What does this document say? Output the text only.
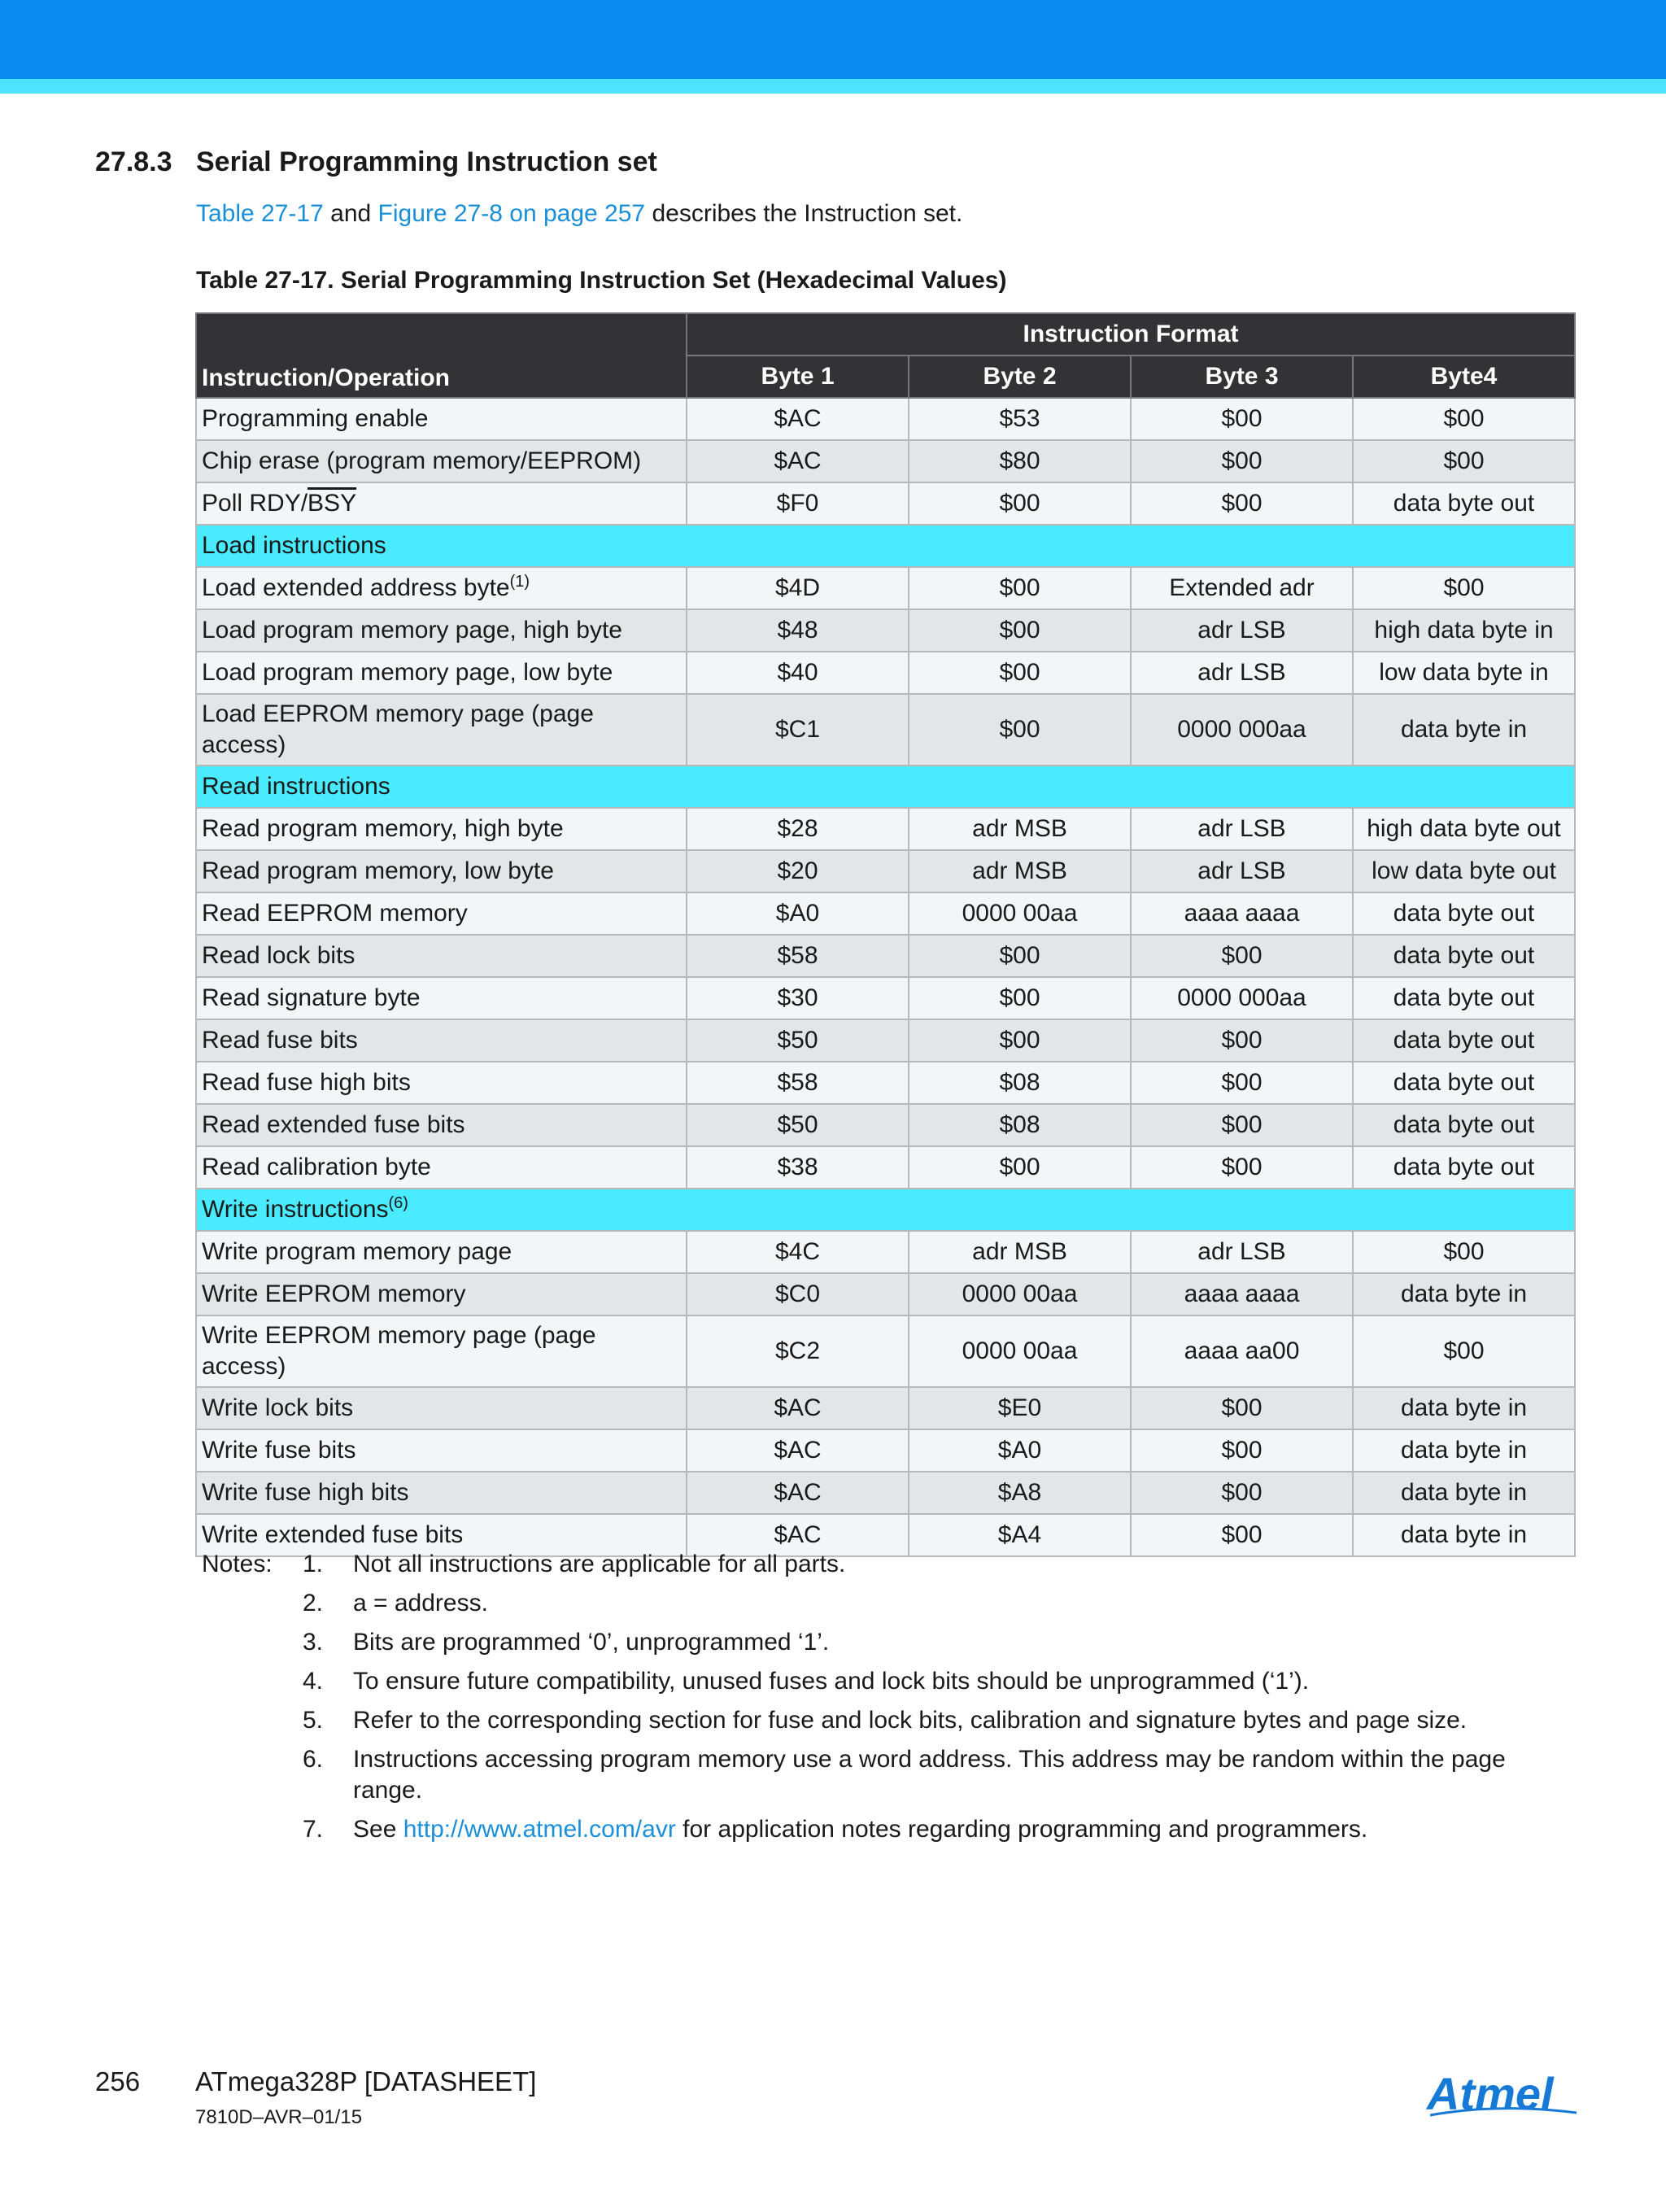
27.8.3 Serial Programming Instruction set
Table 27-17 and Figure 27-8 on page 257 describes the Instruction set.
Table 27-17. Serial Programming Instruction Set (Hexadecimal Values)
Instruction/Operation	Instruction Format			
	Byte 1	Byte 2	Byte 3	Byte4
Programming enable	$AC	$53	$00	$00
Chip erase (program memory/EEPROM)	$AC	$80	$00	$00
Poll RDY/$\overline{BSY}$	$F0	$00	$00	data byte out
Load instructions				
Load extended address byte$^{(1)}$	$4D	$00	Extended adr	$00
Load program memory page, high byte	$48	$00	adr LSB	high data byte in
Load program memory page, low byte	$40	$00	adr LSB	low data byte in
Load EEPROM memory page (page
access)	$C1	$00	0000 000aa	data byte in
Read instructions				
Read program memory, high byte	$28	adr MSB	adr LSB	high data byte out
Read program memory, low byte	$20	adr MSB	adr LSB	low data byte out
Read EEPROM memory	$A0	0000 00aa	aaaa aaaa	data byte out
Read lock bits	$58	$00	$00	data byte out
Read signature byte	$30	$00	0000 000aa	data byte out
Read fuse bits	$50	$00	$00	data byte out
Read fuse high bits	$58	$08	$00	data byte out
Read extended fuse bits	$50	$08	$00	data byte out
Read calibration byte	$38	$00	$00	data byte out
Write instructions$^{(6)}$
Write program memory page	$4C	adr MSB	adr LSB	$00
Write EEPROM memory	$C0	0000 00aa	aaaa aaaa	data byte in
Write EEPROM memory page (page
access)	$C2	0000 00aa	aaaa aa00	$00
Write lock bits	$AC	$E0	$00	data byte in
Write fuse bits	$AC	$A0	$00	data byte in
Write fuse high bits	$AC	$A8	$00	data byte in
Write extended fuse bits	$AC	$A4	$00	data byte in
Notes: 1. Not all instructions are applicable for all parts.
2. a = address.
3. Bits are programmed ‘0’, unprogrammed ‘1’.
4. To ensure future compatibility, unused fuses and lock bits should be unprogrammed (‘1’).
5. Refer to the corresponding section for fuse and lock bits, calibration and signature bytes and page size.
6. Instructions accessing program memory use a word address. This address may be random within the page range.
7. See http://www.atmel.com/avr for application notes regarding programming and programmers.
256 ATmega328P [DATASHEET]
7810D–AVR–01/15	Atmel
